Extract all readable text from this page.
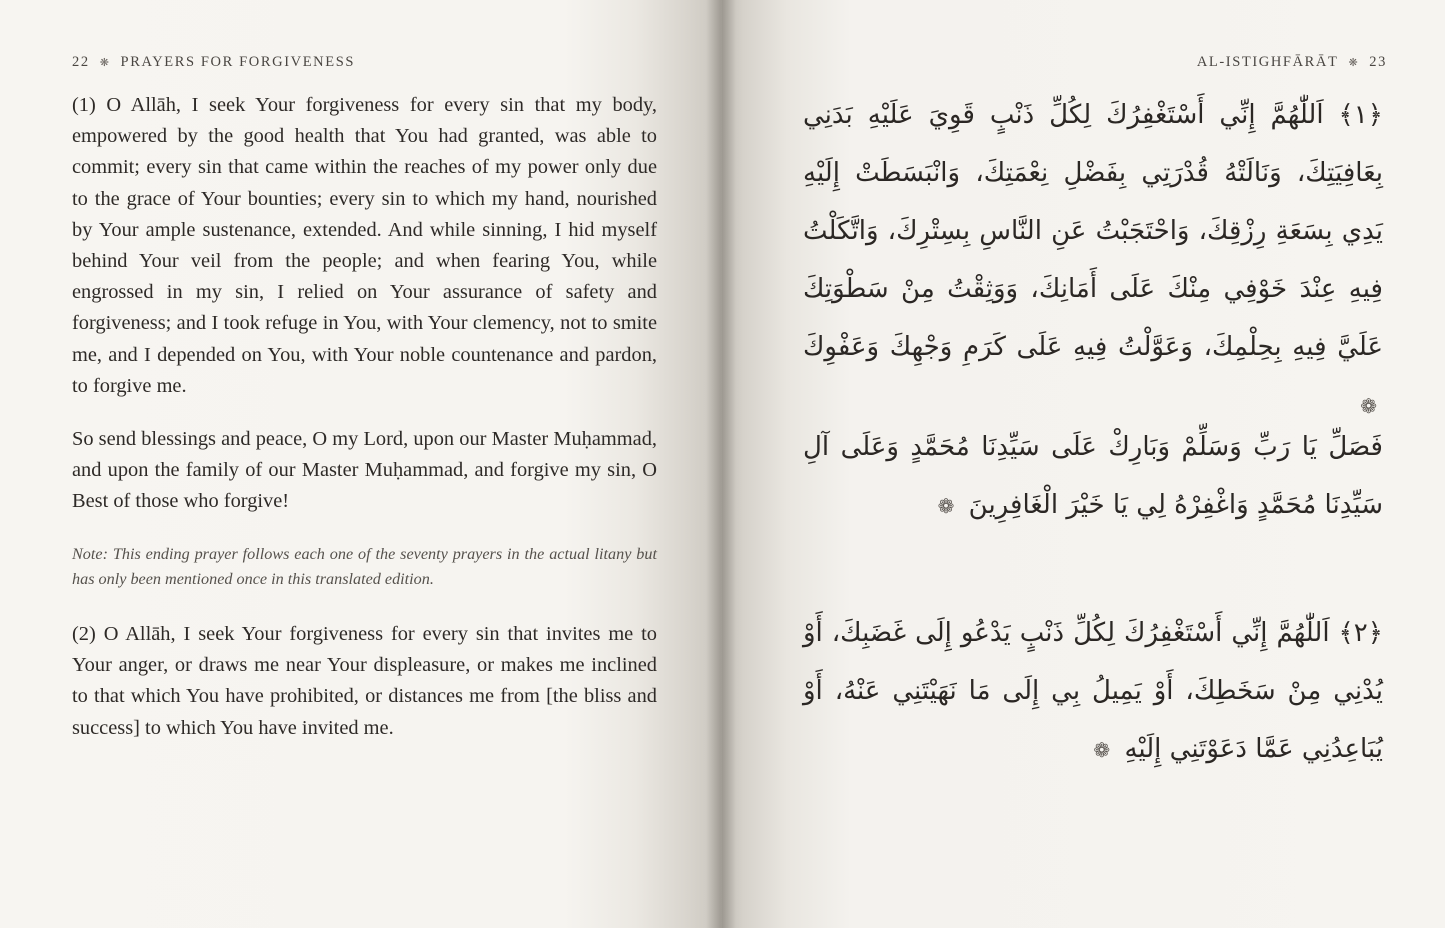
22 ❋ PRAYERS FOR FORGIVENESS
(1) O Allāh, I seek Your forgiveness for every sin that my body, empowered by the good health that You had granted, was able to commit; every sin that came within the reaches of my power only due to the grace of Your bounties; every sin to which my hand, nourished by Your ample sustenance, extended. And while sinning, I hid myself behind Your veil from the people; and when fearing You, while engrossed in my sin, I relied on Your assurance of safety and forgiveness; and I took refuge in You, with Your clemency, not to smite me, and I depended on You, with Your noble countenance and pardon, to forgive me.
So send blessings and peace, O my Lord, upon our Master Muḥammad, and upon the family of our Master Muḥammad, and forgive my sin, O Best of those who forgive!
Note: This ending prayer follows each one of the seventy prayers in the actual litany but has only been mentioned once in this translated edition.
(2) O Allāh, I seek Your forgiveness for every sin that invites me to Your anger, or draws me near Your displeasure, or makes me inclined to that which You have prohibited, or distances me from [the bliss and success] to which You have invited me.
AL-ISTIGHFĀRĀT ❋ 23
﴿١﴾ اَللّٰهُمَّ إِنِّي أَسْتَغْفِرُكَ لِكُلِّ ذَنْبٍ قَوِيَ عَلَيْهِ بَدَنِي بِعَافِيَتِكَ، وَنَالَتْهُ قُدْرَتِي بِفَضْلِ نِعْمَتِكَ، وَانْبَسَطَتْ إِلَيْهِ يَدِي بِسَعَةِ رِزْقِكَ، وَاحْتَجَبْتُ عَنِ النَّاسِ بِسِتْرِكَ، وَاتَّكَلْتُ فِيهِ عِنْدَ خَوْفِي مِنْكَ عَلَى أَمَانِكَ، وَوَثِقْتُ مِنْ سَطْوَتِكَ عَلَيَّ فِيهِ بِحِلْمِكَ، وَعَوَّلْتُ فِيهِ عَلَى كَرَمِ وَجْهِكَ وَعَفْوِكَ ❁
فَصَلِّ يَا رَبِّ وَسَلِّمْ وَبَارِكْ عَلَى سَيِّدِنَا مُحَمَّدٍ وَعَلَى آلِ سَيِّدِنَا مُحَمَّدٍ وَاغْفِرْهُ لِي يَا خَيْرَ الْغَافِرِينَ ❁
﴿٢﴾ اَللّٰهُمَّ إِنِّي أَسْتَغْفِرُكَ لِكُلِّ ذَنْبٍ يَدْعُو إِلَى غَضَبِكَ، أَوْ يُدْنِي مِنْ سَخَطِكَ، أَوْ يَمِيلُ بِي إِلَى مَا نَهَيْتَنِي عَنْهُ، أَوْ يُبَاعِدُنِي عَمَّا دَعَوْتَنِي إِلَيْهِ ❁
